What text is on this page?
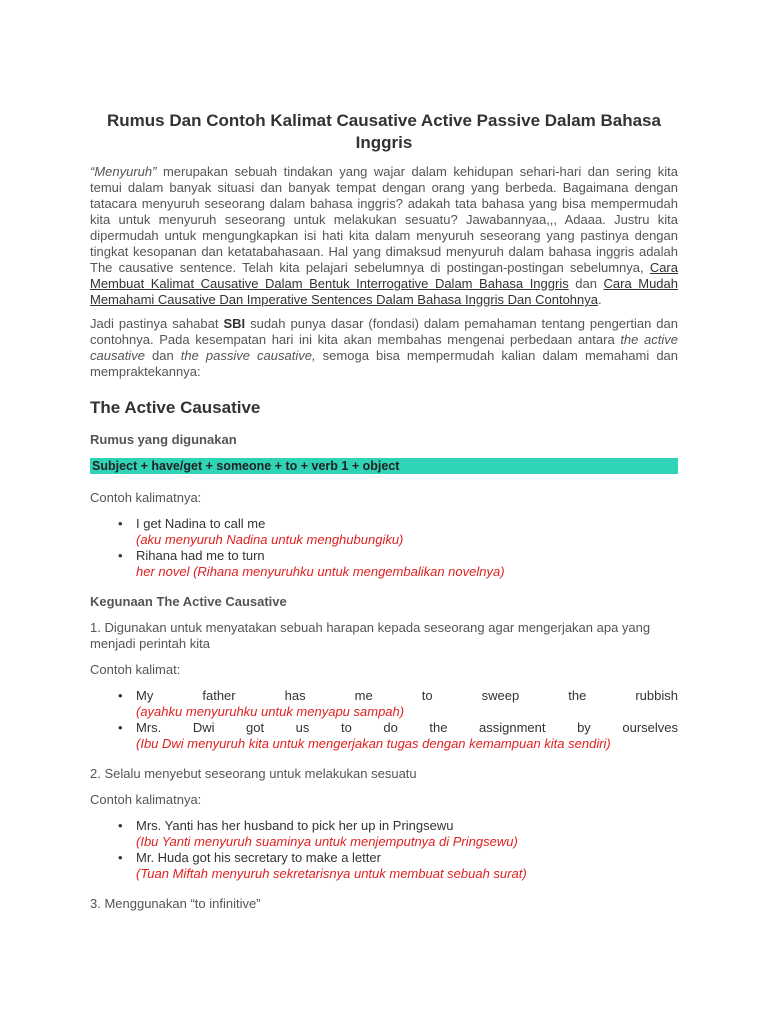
Rumus Dan Contoh Kalimat Causative Active Passive Dalam Bahasa Inggris

“Menyuruh” merupakan sebuah tindakan yang wajar dalam kehidupan sehari-hari dan sering kita temui dalam banyak situasi dan banyak tempat dengan orang yang berbeda. Bagaimana dengan tatacara menyuruh seseorang dalam bahasa inggris? adakah tata bahasa yang bisa mempermudah kita untuk menyuruh seseorang untuk melakukan sesuatu? Jawabannyaa,,, Adaaa. Justru kita dipermudah untuk mengungkapkan isi hati kita dalam menyuruh seseorang yang pastinya dengan tingkat kesopanan dan ketatabahasaan. Hal yang dimaksud menyuruh dalam bahasa inggris adalah The causative sentence. Telah kita pelajari sebelumnya di postingan-postingan sebelumnya, Cara Membuat Kalimat Causative Dalam Bentuk Interrogative Dalam Bahasa Inggris dan Cara Mudah Memahami Causative Dan Imperative Sentences Dalam Bahasa Inggris Dan Contohnya.

Jadi pastinya sahabat SBI sudah punya dasar (fondasi) dalam pemahaman tentang pengertian dan contohnya. Pada kesempatan hari ini kita akan membahas mengenai perbedaan antara the active causative dan the passive causative, semoga bisa mempermudah kalian dalam memahami dan mempraktekannya:

The Active Causative
Rumus yang digunakan
Subject + have/get + someone + to + verb 1 + object

Contoh kalimatnya:

• I get Nadina to call me
(aku menyuruh Nadina untuk menghubungiku)
• Rihana had me to turn
her novel (Rihana menyuruhku untuk mengembalikan novelnya)
Kegunaan The Active Causative

1. Digunakan untuk menyatakan sebuah harapan kepada seseorang agar mengerjakan apa yang menjadi perintah kita

Contoh kalimat:

• My father has me to sweep the rubbish
(ayahku menyuruhku untuk menyapu sampah)
• Mrs. Dwi got us to do the assignment by ourselves
(Ibu Dwi menyuruh kita untuk mengerjakan tugas dengan kemampuan kita sendiri)

2. Selalu menyebut seseorang untuk melakukan sesuatu

Contoh kalimatnya:

• Mrs. Yanti has her husband to pick her up in Pringsewu
(Ibu Yanti menyuruh suaminya untuk menjemputnya di Pringsewu)
• Mr. Huda got his secretary to make a letter
(Tuan Miftah menyuruh sekretarisnya untuk membuat sebuah surat)

3. Menggunakan “to infinitive”
